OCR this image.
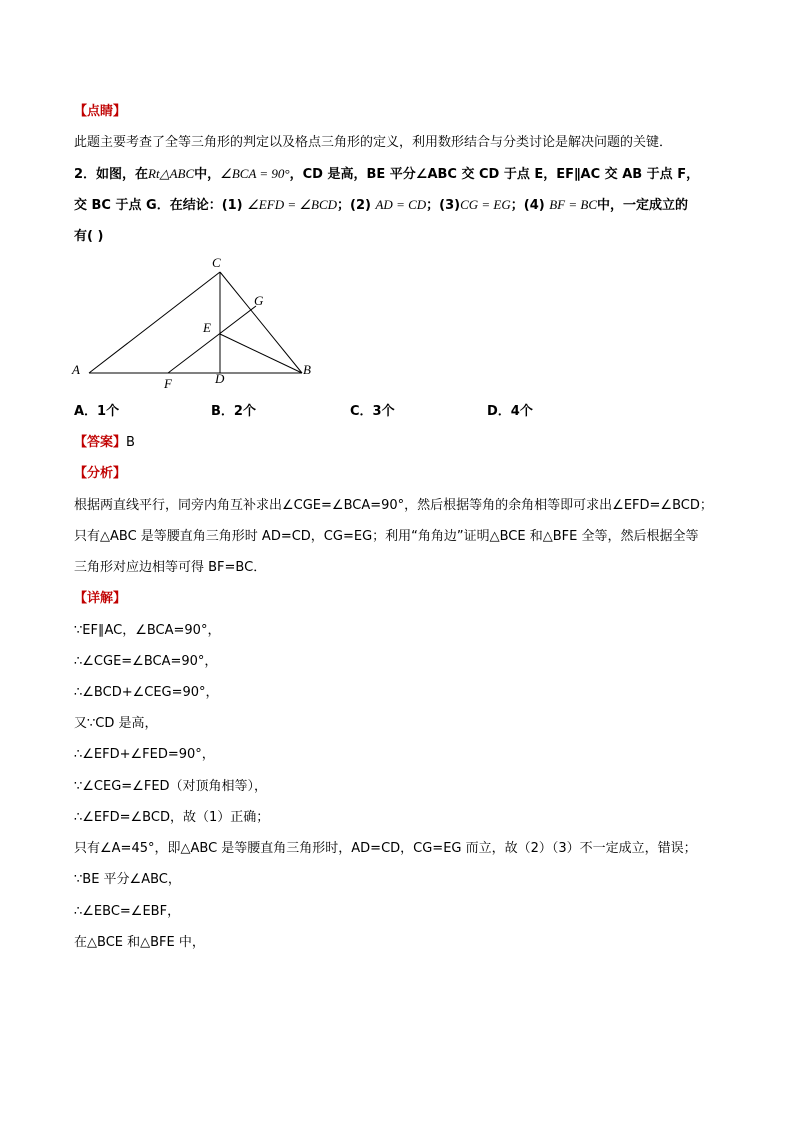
【点睛】
此题主要考查了全等三角形的判定以及格点三角形的定义，利用数形结合与分类讨论是解决问题的关键．
2．如图，在Rt△ABC中，∠BCA = 90°，CD 是高，BE 平分∠ABC 交 CD 于点 E，EF∥AC 交 AB 于点 F，
交 BC 于点 G．在结论：(1) ∠EFD = ∠BCD；(2) AD = CD；(3)CG = EG；(4) BF = BC中，一定成立的
有( )
C
G
E
A	B
F	D
A．1个	B．2个	C．3个	D．4个
【答案】B
【分析】
根据两直线平行，同旁内角互补求出∠CGE=∠BCA=90°，然后根据等角的余角相等即可求出∠EFD=∠BCD；
只有△ABC 是等腰直角三角形时 AD=CD，CG=EG；利用“角角边”证明△BCE 和△BFE 全等，然后根据全等
三角形对应边相等可得 BF=BC．
【详解】
∵EF∥AC，∠BCA=90°，
∴∠CGE=∠BCA=90°，
∴∠BCD+∠CEG=90°，
又∵CD 是高，
∴∠EFD+∠FED=90°，
∵∠CEG=∠FED（对顶角相等），
∴∠EFD=∠BCD，故（1）正确；
只有∠A=45°，即△ABC 是等腰直角三角形时，AD=CD，CG=EG 而立，故（2）（3）不一定成立，错误；
∵BE 平分∠ABC，
∴∠EBC=∠EBF，
在△BCE 和△BFE 中，
